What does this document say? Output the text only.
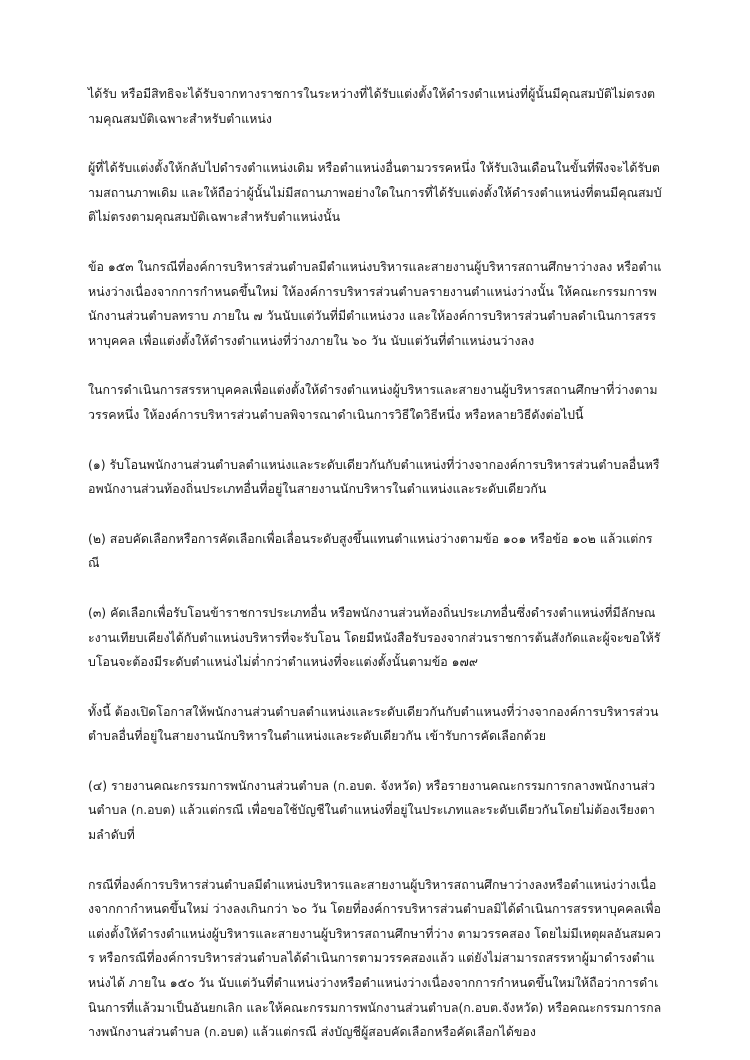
ได้รับ หรือมีสิทธิจะได้รับจากทางราชการในระหว่างที่ได้รับแต่งตั้งให้ดำรงตำแหน่งที่ผู้นั้นมีคุณสมบัติไม่ตรงตามคุณสมบัติเฉพาะสำหรับตำแหน่ง

ผู้ที่ได้รับแต่งตั้งให้กลับไปดำรงตำแหน่งเดิม หรือตำแหน่งอื่นตามวรรคหนึ่ง ให้รับเงินเดือนในขั้นที่พึงจะได้รับตามสถานภาพเดิม และให้ถือว่าผู้นั้นไม่มีสถานภาพอย่างใดในการที่ได้รับแต่งตั้งให้ดำรงตำแหน่งที่ตนมีคุณสมบัติไม่ตรงตามคุณสมบัติเฉพาะสำหรับตำแหน่งนั้น

ข้อ ๑๕๓ ในกรณีที่องค์การบริหารส่วนตำบลมีตำแหน่งบริหารและสายงานผู้บริหารสถานศึกษาว่างลง หรือตำแหน่งว่างเนื่องจากการกำหนดขึ้นใหม่ ให้องค์การบริหารส่วนตำบลรายงานตำแหน่งว่างนั้น ให้คณะกรรมการพนักงานส่วนตำบลทราบ ภายใน ๗ วันนับแต่วันที่มีตำแหน่งวง และให้องค์การบริหารส่วนตำบลดำเนินการสรรหาบุคคล เพื่อแต่งตั้งให้ดำรงตำแหน่งที่ว่างภายใน ๖๐ วัน นับแต่วันที่ตำแหน่งนว่างลง

ในการดำเนินการสรรหาบุคคลเพื่อแต่งตั้งให้ดำรงตำแหน่งผู้บริหารและสายงานผู้บริหารสถานศึกษาที่ว่างตามวรรคหนึ่ง ให้องค์การบริหารส่วนตำบลพิจารณาดำเนินการวิธีใดวิธีหนึ่ง หรือหลายวิธีดังต่อไปนี้

(๑) รับโอนพนักงานส่วนตำบลตำแหน่งและระดับเดียวกันกับตำแหน่งที่ว่างจากองค์การบริหารส่วนตำบลอื่นหรือพนักงานส่วนท้องถิ่นประเภทอื่นที่อยู่ในสายงานนักบริหารในตำแหน่งและระดับเดียวกัน

(๒) สอบคัดเลือกหรือการคัดเลือกเพื่อเลื่อนระดับสูงขึ้นแทนตำแหน่งว่างตามข้อ ๑๐๑ หรือข้อ ๑๐๒ แล้วแต่กรณี

(๓) คัดเลือกเพื่อรับโอนข้าราชการประเภทอื่น หรือพนักงานส่วนท้องถิ่นประเภทอื่นซึ่งดำรงตำแหน่งที่มีลักษณะงานเทียบเคียงได้กับตำแหน่งบริหารที่จะรับโอน โดยมีหนังสือรับรองจากส่วนราชการต้นสังกัดและผู้จะขอให้รับโอนจะต้องมีระดับตำแหน่งไม่ต่ำกว่าตำแหน่งที่จะแต่งตั้งนั้นตามข้อ ๑๗๙

ทั้งนี้ ต้องเปิดโอกาสให้พนักงานส่วนตำบลตำแหน่งและระดับเดียวกันกับตำแหนงที่ว่างจากองค์การบริหารส่วนตำบลอื่นที่อยู่ในสายงานนักบริหารในตำแหน่งและระดับเดียวกัน เข้ารับการคัดเลือกด้วย

(๔) รายงานคณะกรรมการพนักงานส่วนตำบล (ก.อบต. จังหวัด) หรือรายงานคณะกรรมการกลางพนักงานส่วนตำบล (ก.อบต) แล้วแต่กรณี เพื่อขอใช้บัญชีในตำแหน่งที่อยู่ในประเภทและระดับเดียวกันโดยไม่ต้องเรียงตามลำดับที่

กรณีที่องค์การบริหารส่วนตำบลมีตำแหน่งบริหารและสายงานผู้บริหารสถานศึกษาว่างลงหรือตำแหน่งว่างเนื่องจากกากำหนดขึ้นใหม่ ว่างลงเกินกว่า ๖๐ วัน โดยที่องค์การบริหารส่วนตำบลมิได้ดำเนินการสรรหาบุคคลเพื่อแต่งตั้งให้ดำรงตำแหน่งผู้บริหารและสายงานผู้บริหารสถานศึกษาที่ว่าง ตามวรรคสอง โดยไม่มีเหตุผลอันสมควร หรือกรณีที่องค์การบริหารส่วนตำบลได้ดำเนินการตามวรรคสองแล้ว แต่ยังไม่สามารถสรรหาผู้มาดำรงตำแหน่งได้ ภายใน ๑๕๐ วัน นับแต่วันที่ตำแหน่งว่างหรือตำแหน่งว่างเนื่องจากการกำหนดขึ้นใหม่ให้ถือว่าการดำเนินการที่แล้วมาเป็นอันยกเลิก และให้คณะกรรมการพนักงานส่วนตำบล(ก.อบต.จังหวัด) หรือคณะกรรมการกลางพนักงานส่วนตำบล (ก.อบต) แล้วแต่กรณี ส่งบัญชีผู้สอบคัดเลือกหรือคัดเลือกได้ของ
